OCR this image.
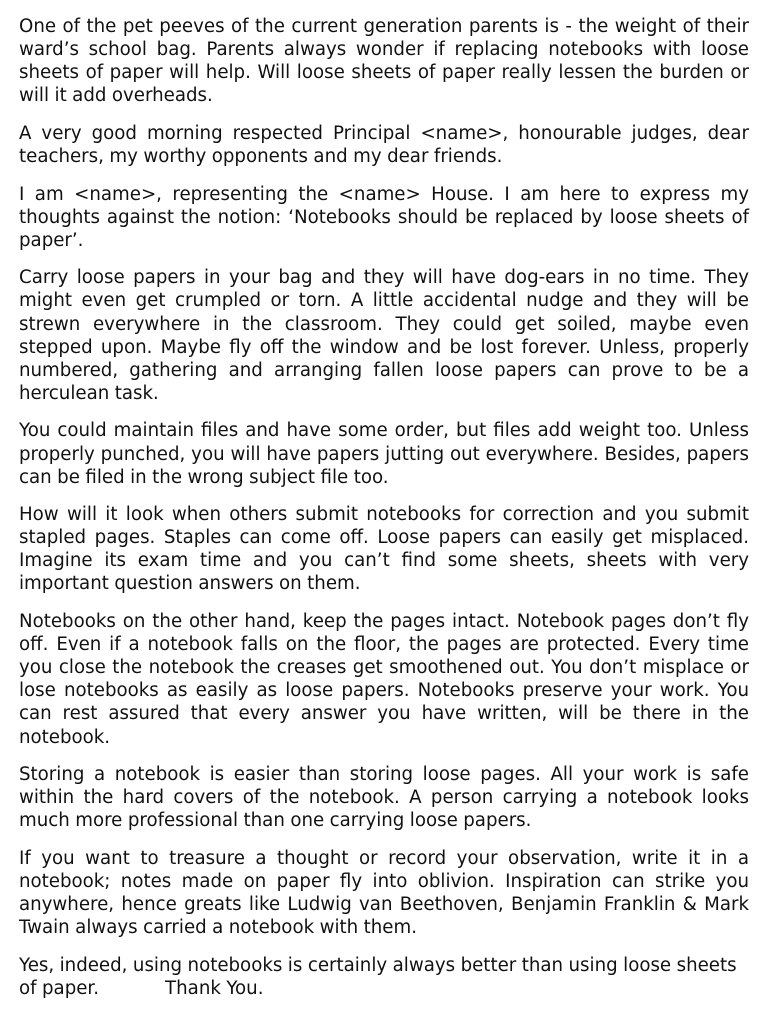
One of the pet peeves of the current generation parents is - the weight of their ward’s school bag. Parents always wonder if replacing notebooks with loose sheets of paper will help. Will loose sheets of paper really lessen the burden or will it add overheads.

A very good morning respected Principal <name>, honourable judges, dear teachers, my worthy opponents and my dear friends.

I am <name>, representing the <name> House. I am here to express my thoughts against the notion: ‘Notebooks should be replaced by loose sheets of paper’.

Carry loose papers in your bag and they will have dog-ears in no time. They might even get crumpled or torn. A little accidental nudge and they will be strewn everywhere in the classroom. They could get soiled, maybe even stepped upon. Maybe fly off the window and be lost forever. Unless, properly numbered, gathering and arranging fallen loose papers can prove to be a herculean task.

You could maintain files and have some order, but files add weight too. Unless properly punched, you will have papers jutting out everywhere. Besides, papers can be filed in the wrong subject file too.

How will it look when others submit notebooks for correction and you submit stapled pages. Staples can come off. Loose papers can easily get misplaced. Imagine its exam time and you can’t find some sheets, sheets with very important question answers on them.

Notebooks on the other hand, keep the pages intact. Notebook pages don’t fly off. Even if a notebook falls on the floor, the pages are protected. Every time you close the notebook the creases get smoothened out. You don’t misplace or lose notebooks as easily as loose papers. Notebooks preserve your work. You can rest assured that every answer you have written, will be there in the notebook.

Storing a notebook is easier than storing loose pages. All your work is safe within the hard covers of the notebook. A person carrying a notebook looks much more professional than one carrying loose papers.

If you want to treasure a thought or record your observation, write it in a notebook; notes made on paper fly into oblivion. Inspiration can strike you anywhere, hence greats like Ludwig van Beethoven, Benjamin Franklin & Mark Twain always carried a notebook with them.

Yes, indeed, using notebooks is certainly always better than using loose sheets of paper.	Thank You.
